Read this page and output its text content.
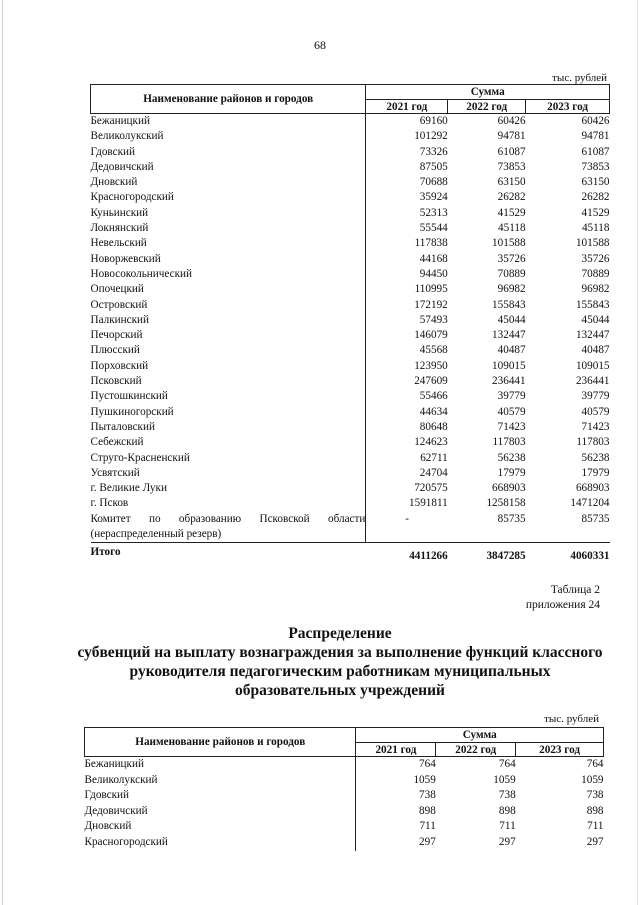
68
тыс. рублей
Наименование районов и городов	Сумма		
	2021 год	2022 год	2023 год
Бежаницкий	69160	60426	60426
Великолукский	101292	94781	94781
Гдовский	73326	61087	61087
Дедовичский	87505	73853	73853
Дновский	70688	63150	63150
Красногородский	35924	26282	26282
Куньинский	52313	41529	41529
Локнянский	55544	45118	45118
Невельский	117838	101588	101588
Новоржевский	44168	35726	35726
Новосокольнический	94450	70889	70889
Опочецкий	110995	96982	96982
Островский	172192	155843	155843
Палкинский	57493	45044	45044
Печорский	146079	132447	132447
Плюсский	45568	40487	40487
Порховский	123950	109015	109015
Псковский	247609	236441	236441
Пустошкинский	55466	39779	39779
Пушкиногорский	44634	40579	40579
Пыталовский	80648	71423	71423
Себежский	124623	117803	117803
Струго-Красненский	62711	56238	56238
Усвятский	24704	17979	17979
г. Великие Луки	720575	668903	668903
г. Псков	1591811	1258158	1471204

Комитет по образованию Псковской области
(нераспределенный резерв)	-	85735	85735
Итого	4411266	3847285	4060331
Таблица 2
приложения 24
Распределение
субвенций на выплату вознаграждения за выполнение функций классного
руководителя педагогическим работникам муниципальных
образовательных учреждений
тыс. рублей
Наименование районов и городов	Сумма		
	2021 год	2022 год	2023 год
Бежаницкий	764	764	764
Великолукский	1059	1059	1059
Гдовский	738	738	738
Дедовичский	898	898	898
Дновский	711	711	711
Красногородский	297	297	297
